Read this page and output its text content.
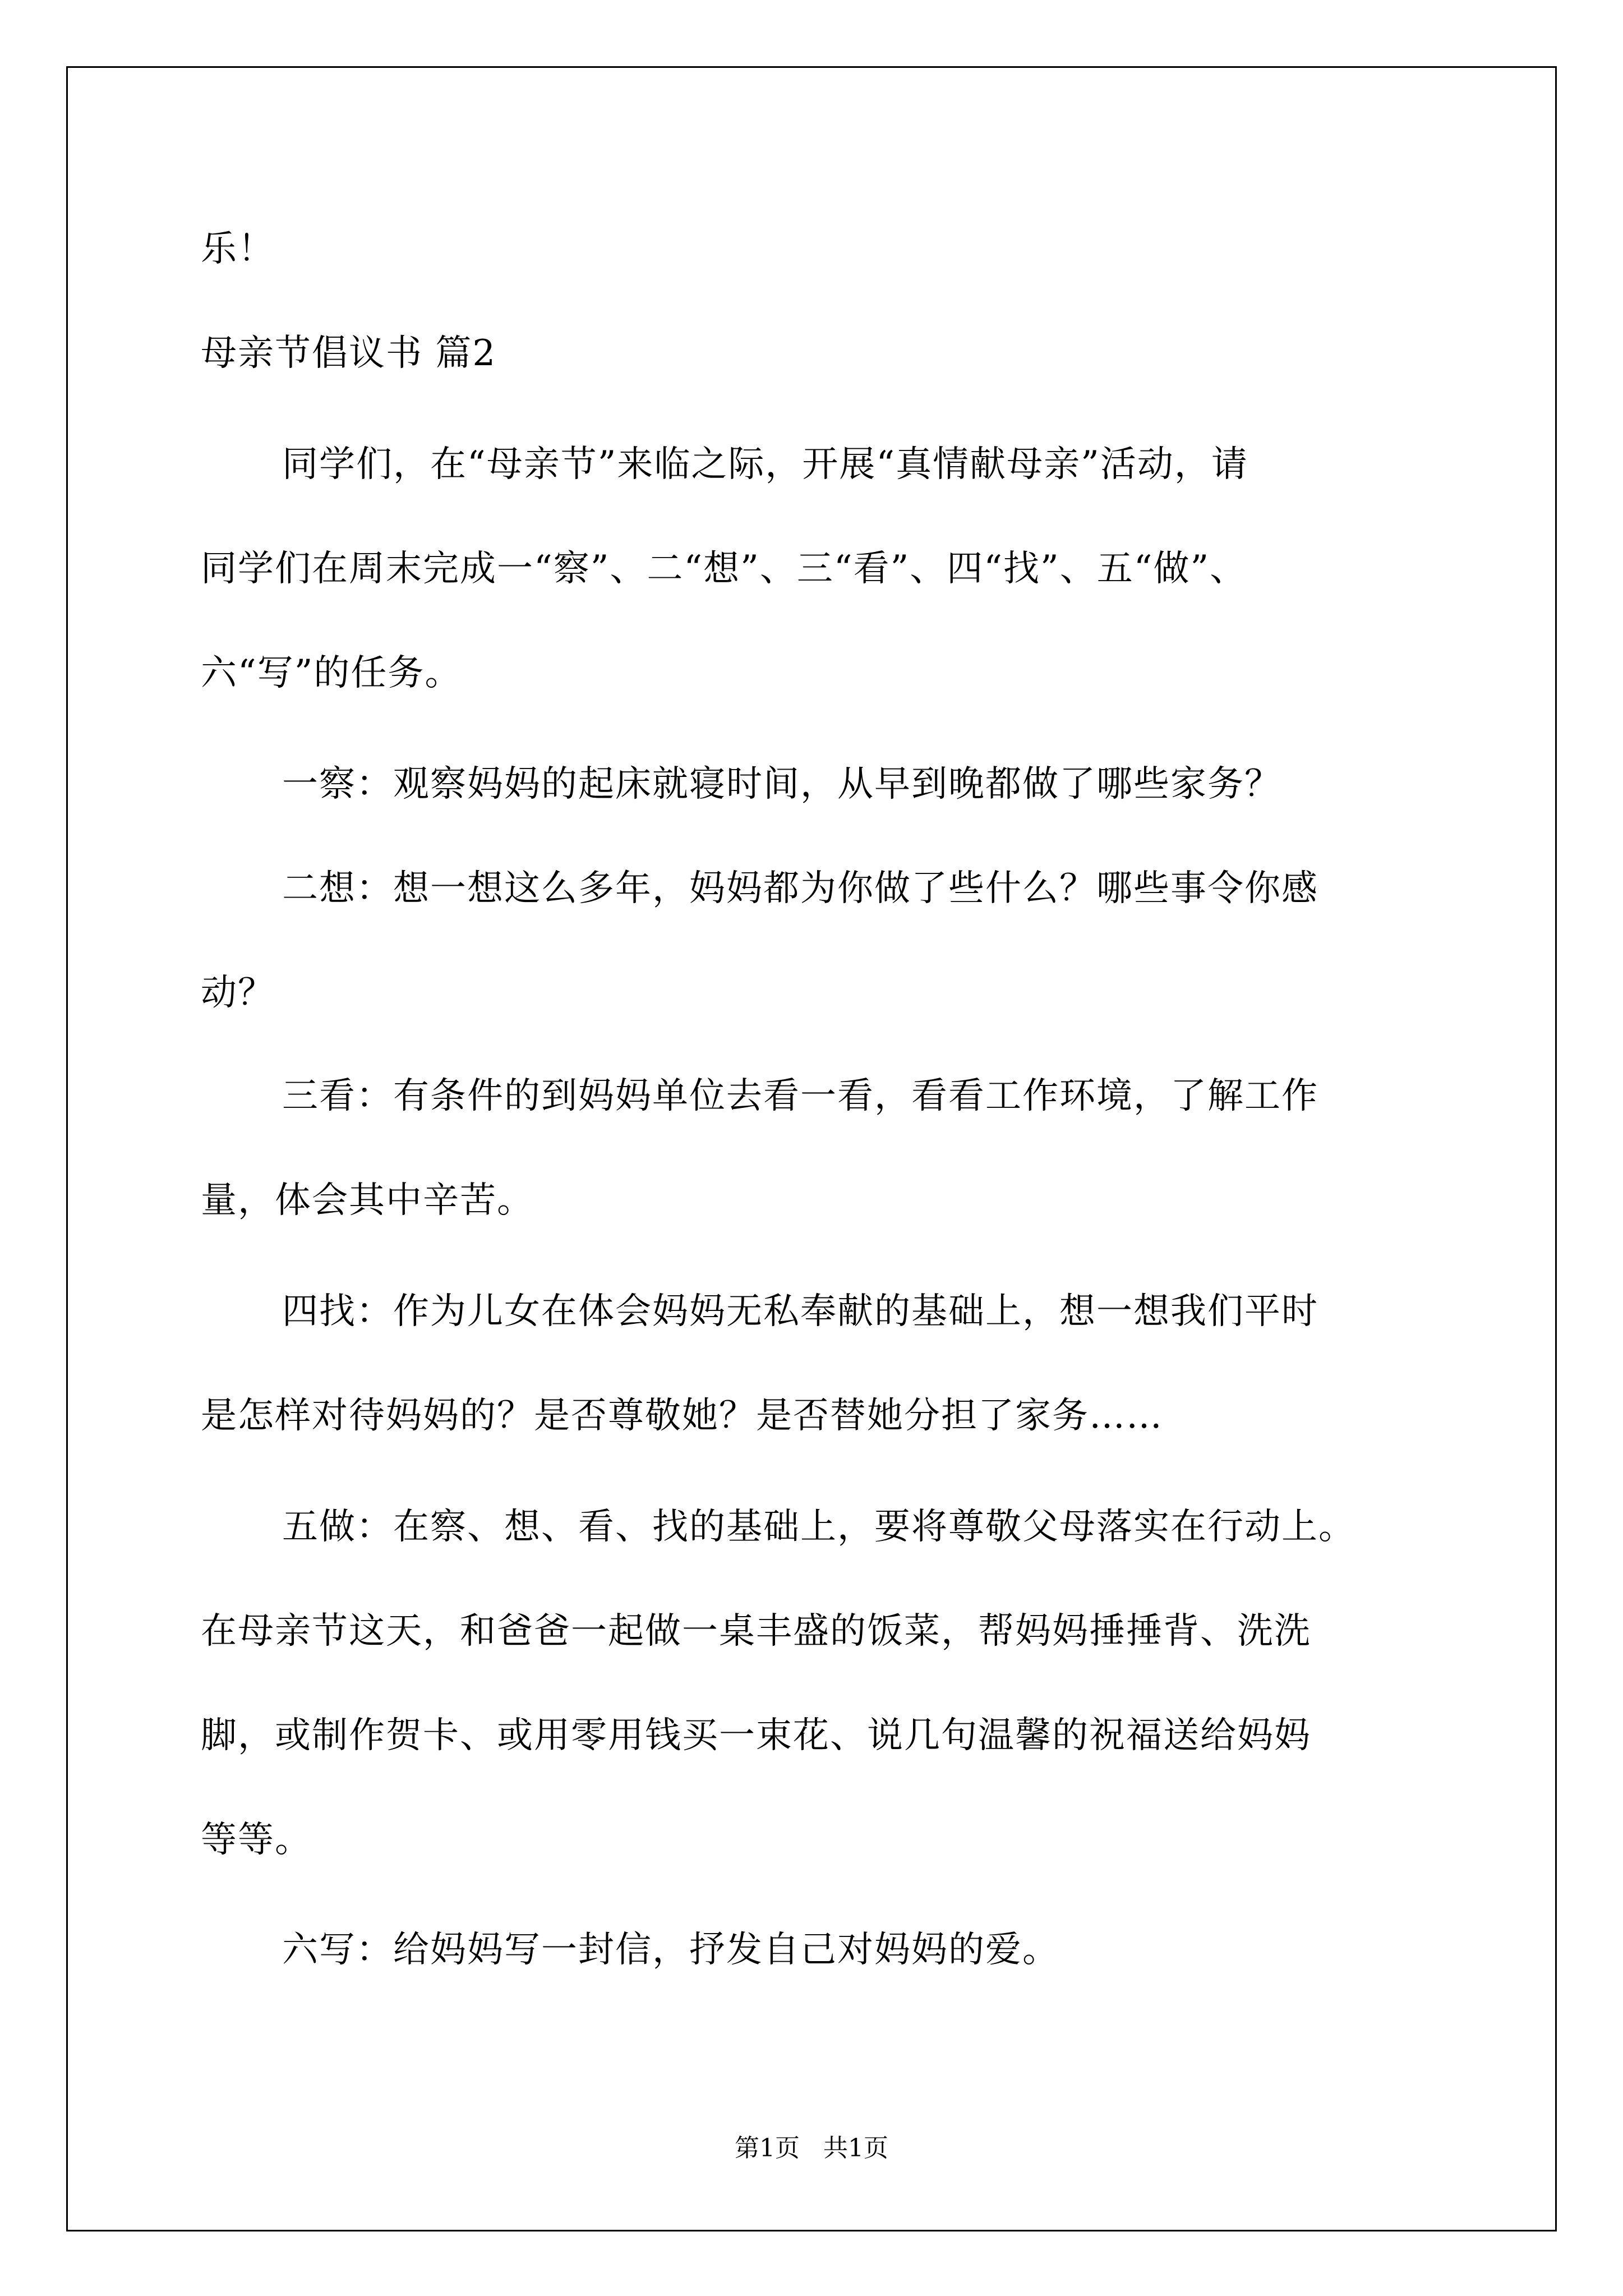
乐！
母亲节倡议书 篇2
同学们，在“母亲节”来临之际，开展“真情献母亲”活动，请
同学们在周末完成一“察”、二“想”、三“看”、四“找”、五“做”、
六“写”的任务。
一察：观察妈妈的起床就寝时间，从早到晚都做了哪些家务？
二想：想一想这么多年，妈妈都为你做了些什么？哪些事令你感
动？
三看：有条件的到妈妈单位去看一看，看看工作环境，了解工作
量，体会其中辛苦。
四找：作为儿女在体会妈妈无私奉献的基础上，想一想我们平时
是怎样对待妈妈的？是否尊敬她？是否替她分担了家务……
五做：在察、想、看、找的基础上，要将尊敬父母落实在行动上。
在母亲节这天，和爸爸一起做一桌丰盛的饭菜，帮妈妈捶捶背、洗洗
脚，或制作贺卡、或用零用钱买一束花、说几句温馨的祝福送给妈妈
等等。
六写：给妈妈写一封信，抒发自己对妈妈的爱。
第1页   共1页
